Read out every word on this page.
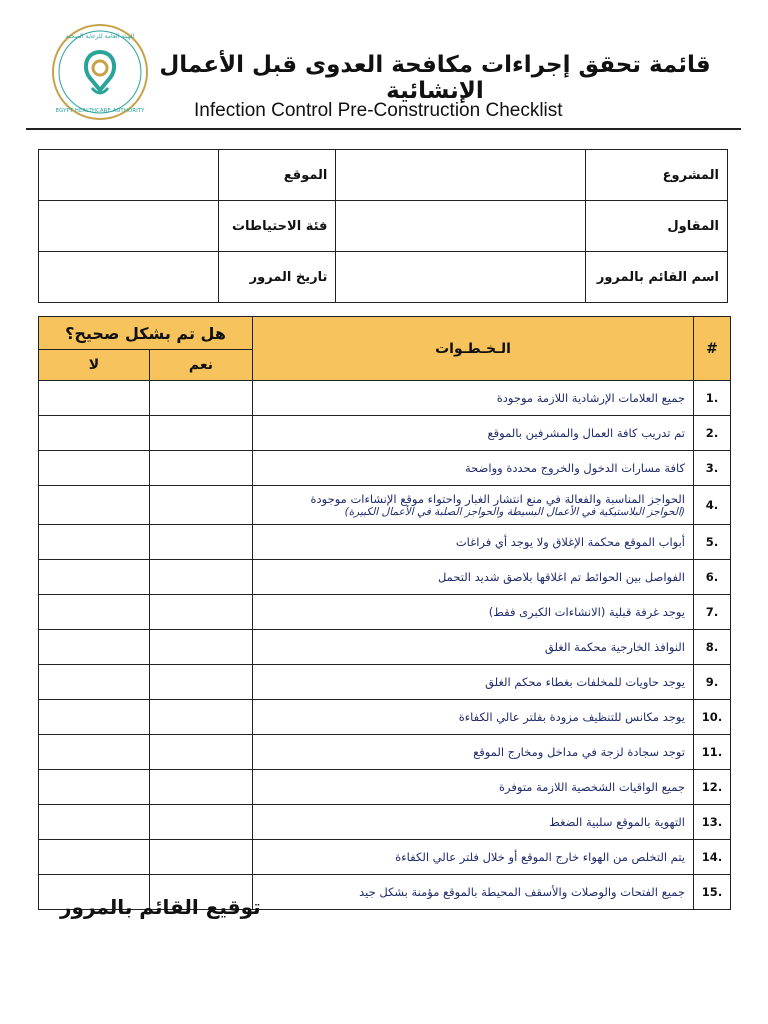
EGYPT HEALTHCARE AUTHORITY
الهيئة العامة للرعاية الصحية
قائمة تحقق إجراءات مكافحة العدوى قبل الأعمال الإنشائية
Infection Control Pre-Construction Checklist
	الموقع		المشروع
	فئة الاحتياطات		المقاول
	تاريخ المرور		اسم القائم بالمرور
هل تم بشكل صحيح؟		الـخـطـوات	#
لا	نعم		
		جميع العلامات الإرشادية اللازمة موجودة	.1
		تم تدريب كافة العمال والمشرفين بالموقع	.2
		كافة مسارات الدخول والخروج محددة وواضحة	.3
		الحواجز المناسبة والفعالة في منع انتشار الغبار واحتواء موقع الإنشاءات موجودة
(الحواجز البلاستيكية في الأعمال البسيطة والحواجز الصلبة في الأعمال الكبيرة)	.4
		أبواب الموقع محكمة الإغلاق ولا يوجد أي فراغات	.5
		الفواصل بين الحوائط تم اغلاقها بلاصق شديد التحمل	.6
		يوجد غرفة قبلية (الانشاءات الكبرى فقط)	.7
		النوافذ الخارجية محكمة الغلق	.8
		يوجد حاويات للمخلفات بغطاء محكم الغلق	.9
		يوجد مكانس للتنظيف مزودة بفلتر عالي الكفاءة	.10
		توجد سجادة لزجة في مداخل ومخارج الموقع	.11
		جميع الواقيات الشخصية اللازمة متوفرة	.12
		التهوية بالموقع سلبية الضغط	.13
		يتم التخلص من الهواء خارج الموقع أو خلال فلتر عالي الكفاءة	.14
		جميع الفتحات والوصلات والأسقف المحيطة بالموقع مؤمنة بشكل جيد	.15
توقيع القائم بالمرور
